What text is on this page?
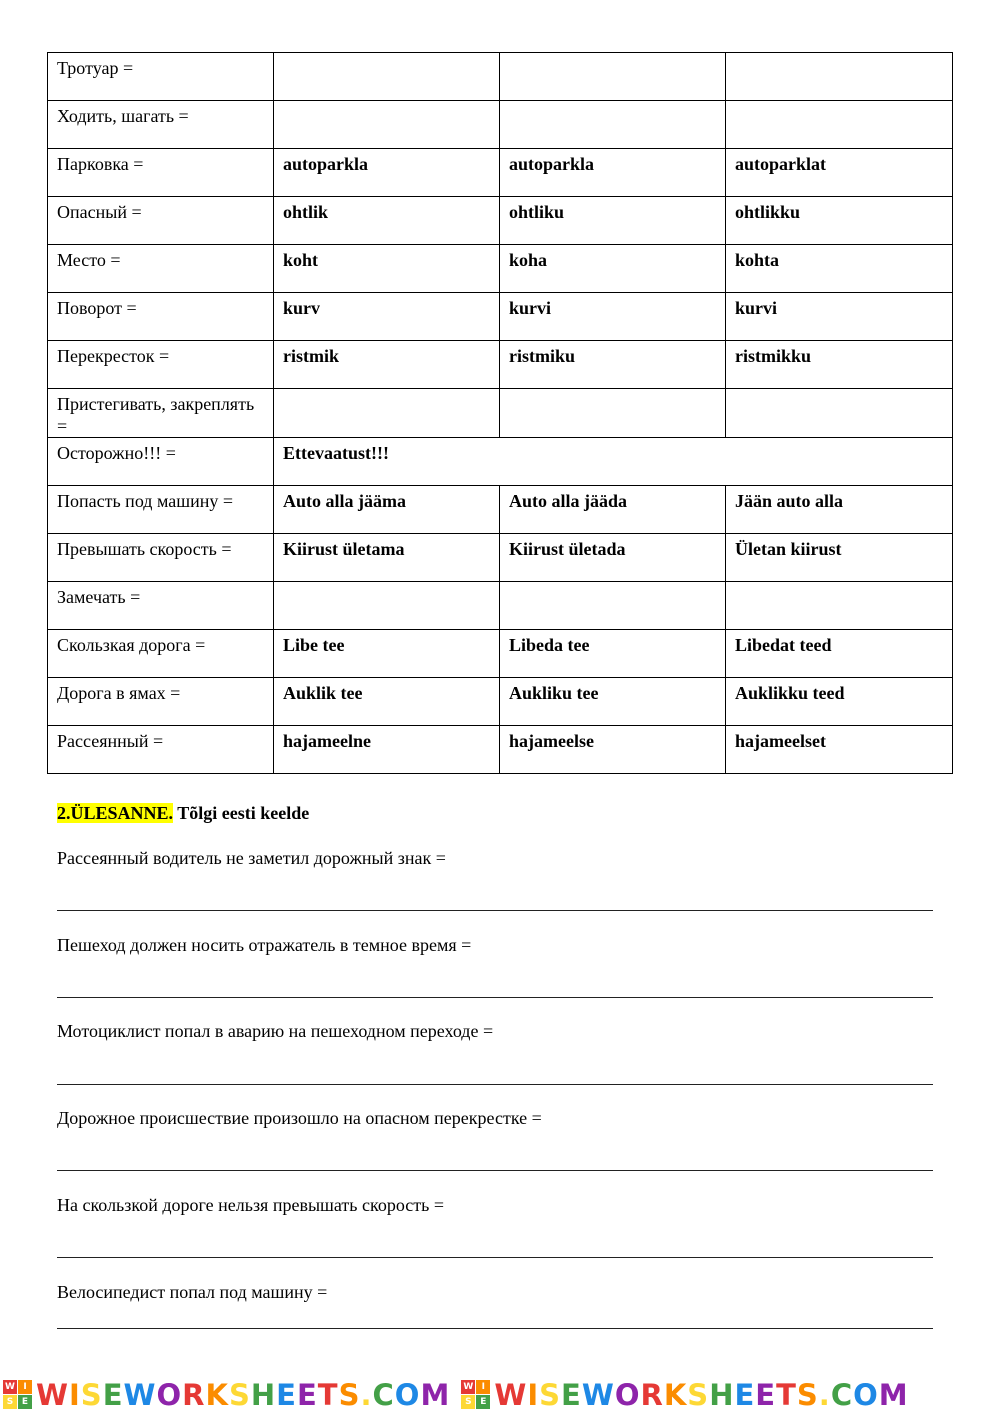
Тротуар =			
Ходить, шагать =			
Парковка =	autoparkla	autoparkla	autoparklat
Опасный =	ohtlik	ohtliku	ohtlikku
Место =	koht	koha	kohta
Поворот =	kurv	kurvi	kurvi
Перекресток =	ristmik	ristmiku	ristmikku
Пристегивать, закреплять =			
Осторожно!!! =	Ettevaatust!!!		
Попасть под машину =	Auto alla jääma	Auto alla jääda	Jään auto alla
Превышать скорость =	Kiirust ületama	Kiirust ületada	Ületan kiirust
Замечать =			
Скользкая дорога =	Libe tee	Libeda tee	Libedat teed
Дорога в ямах =	Auklik tee	Aukliku tee	Auklikku teed
Рассеянный =	hajameelne	hajameelse	hajameelset
2.ÜLESANNE. Tõlgi eesti keelde
Рассеянный водитель не заметил дорожный знак =
Пешеход должен носить отражатель в темное время =
Мотоциклист попал в аварию на пешеходном переходе =
Дорожное происшествие произошло на опасном перекрестке =
На скользкой дороге нельзя превышать скорость =
Велосипедист попал под машину =
W I
S E WISEWORKSHEETS.COM W I
S E WISEWORKSHEETS.COM
